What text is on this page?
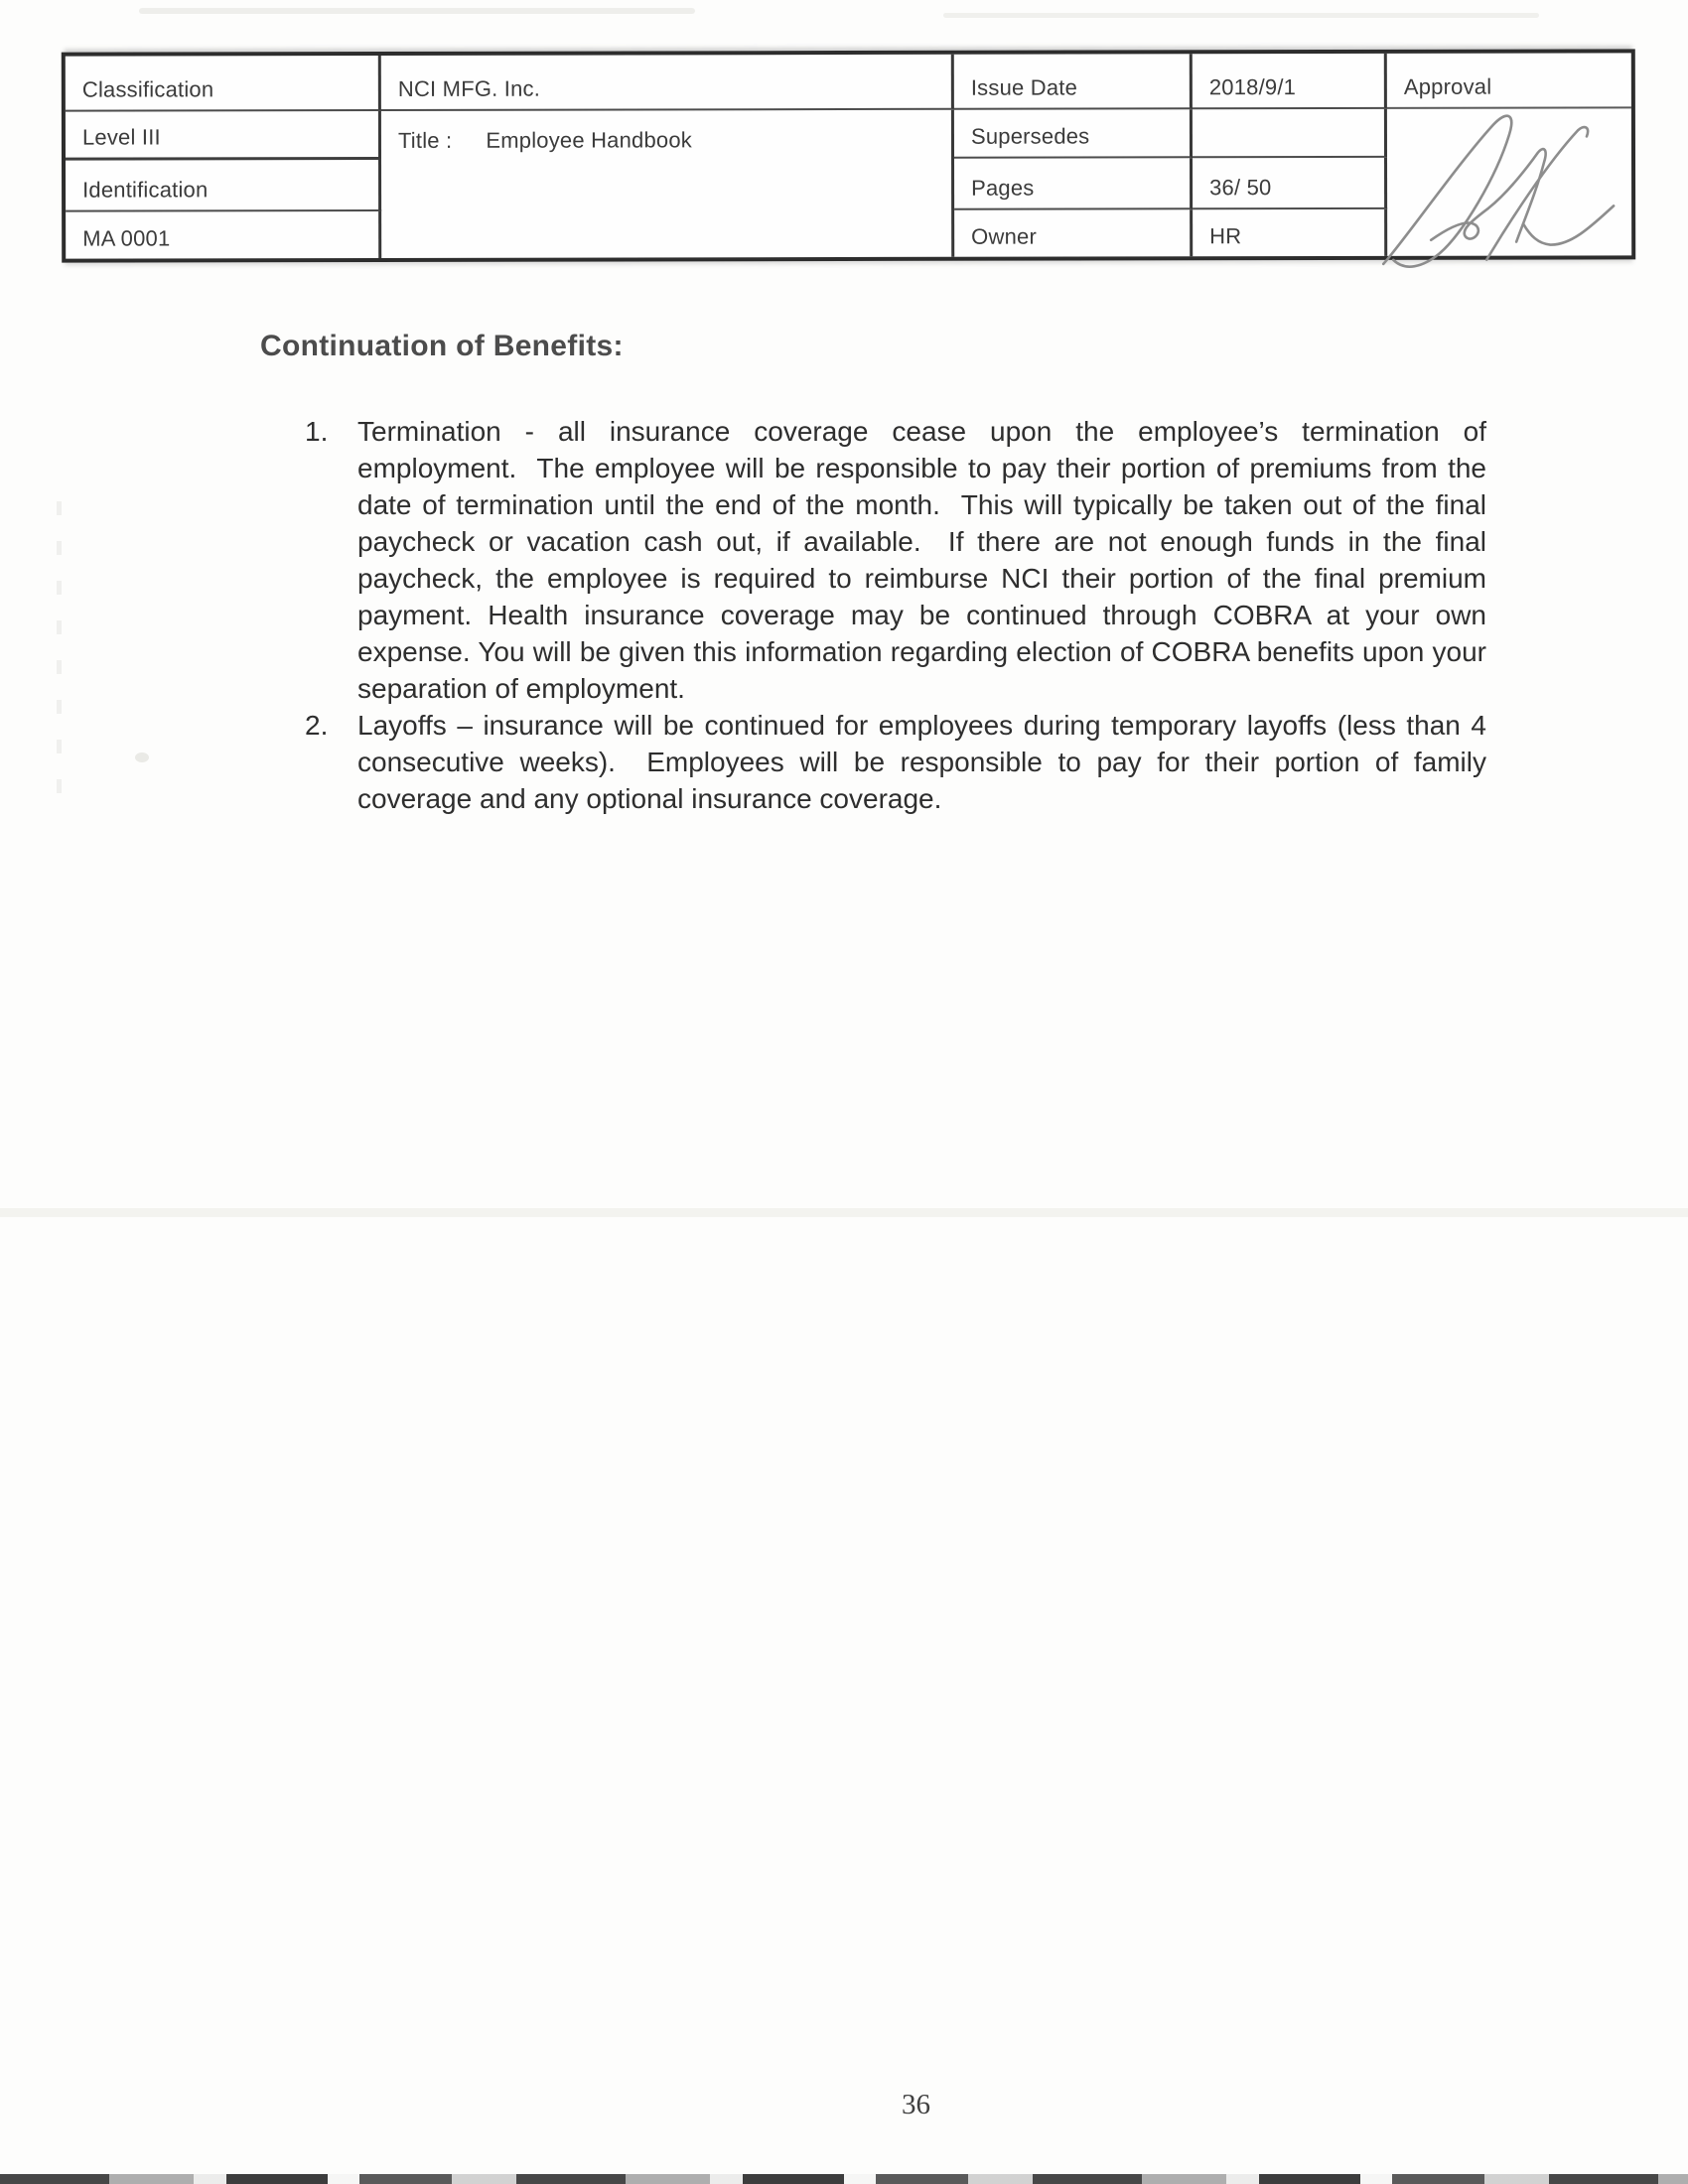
Classification	NCI MFG. Inc.	Issue Date	2018/9/1	Approval
Level III	Title : Employee Handbook	Supersedes
Identification	Pages	36/ 50
MA 0001	Owner	HR
Continuation of Benefits:
1.	Termination - all insurance coverage cease upon the employee’s termination of employment.  The employee will be responsible to pay their portion of premiums from the date of termination until the end of the month.  This will typically be taken out of the final paycheck or vacation cash out, if available.  If there are not enough funds in the final paycheck, the employee is required to reimburse NCI their portion of the final premium payment. Health insurance coverage may be continued through COBRA at your own expense. You will be given this information regarding election of COBRA benefits upon your separation of employment.
2.	Layoffs – insurance will be continued for employees during temporary layoffs (less than 4 consecutive weeks).  Employees will be responsible to pay for their portion of family coverage and any optional insurance coverage.
36
